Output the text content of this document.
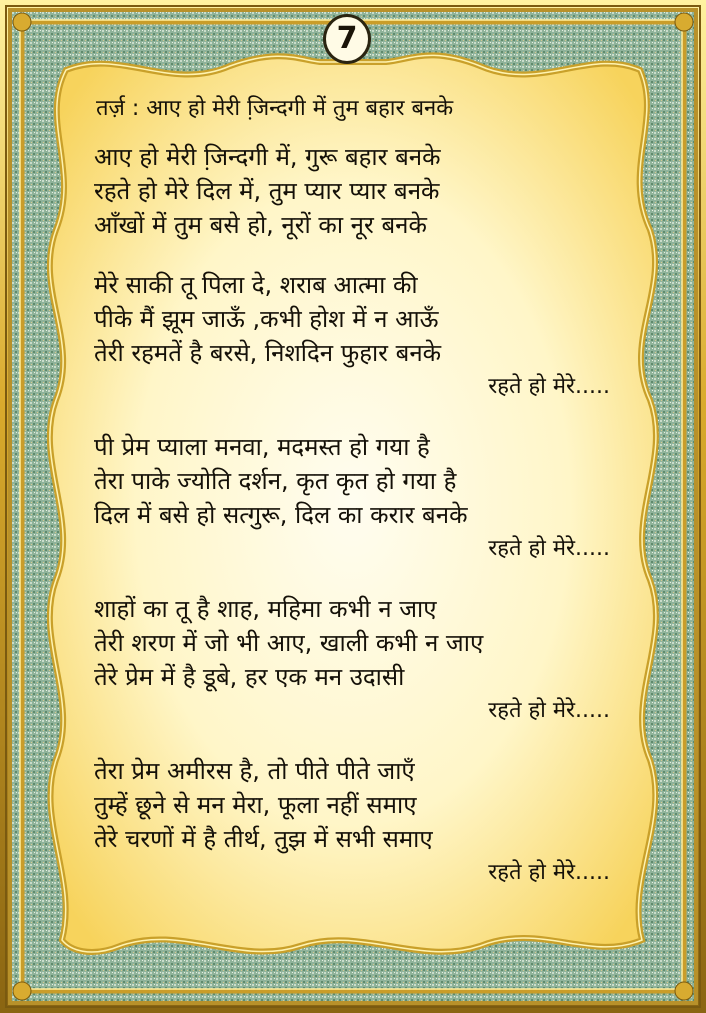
7
तर्ज़ : आए हो मेरी जि़न्दगी में तुम बहार बनके
आए हो मेरी जि़न्दगी में, गुरू बहार बनके
रहते हो मेरे दिल में, तुम प्यार प्यार बनके
आँखों में तुम बसे हो, नूरों का नूर बनके
मेरे साकी तू पिला दे, शराब आत्मा की
पीके मैं झूम जाऊँ ,कभी होश में न आऊँ
तेरी रहमतें है बरसे, निशदिन फुहार बनके
रहते हो मेरे.....
पी प्रेम प्याला मनवा, मदमस्त हो गया है
तेरा पाके ज्योति दर्शन, कृत कृत हो गया है
दिल में बसे हो सत्गुरू, दिल का करार बनके
रहते हो मेरे.....
शाहों का तू है शाह, महिमा कभी न जाए
तेरी शरण में जो भी आए, खाली कभी न जाए
तेरे प्रेम में है डूबे, हर एक मन उदासी
रहते हो मेरे.....
तेरा प्रेम अमीरस है, तो पीते पीते जाएँ
तुम्हें छूने से मन मेरा, फूला नहीं समाए
तेरे चरणों में है तीर्थ, तुझ में सभी समाए
रहते हो मेरे.....
